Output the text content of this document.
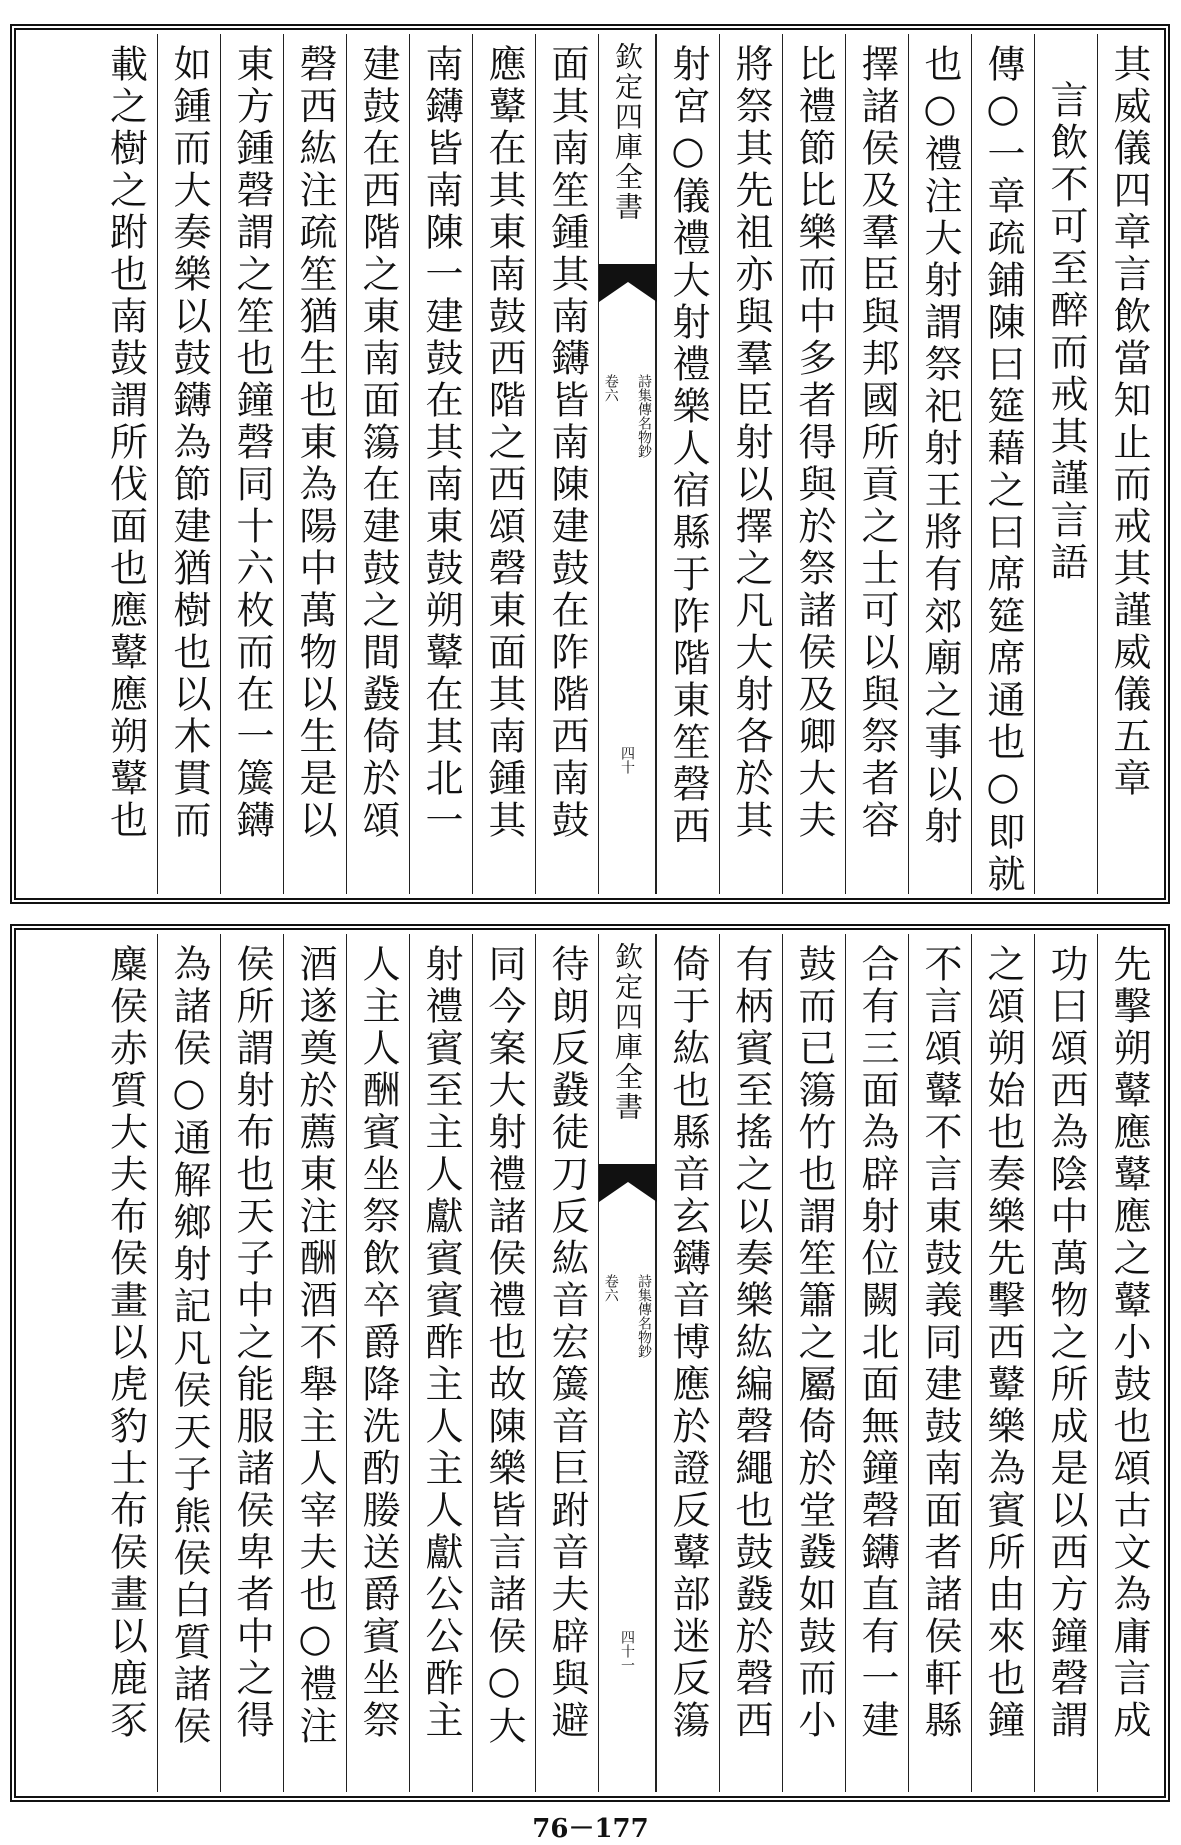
其威儀四章言飲當知止而戒其謹威儀五章
言飲不可至醉而戒其謹言語
傳○一章疏鋪陳曰筵藉之曰席筵席通也○即就
也○禮注大射謂祭祀射王將有郊廟之事以射
擇諸侯及羣臣與邦國所貢之士可以與祭者容
比禮節比樂而中多者得與於祭諸侯及卿大夫
將祭其先祖亦與羣臣射以擇之凡大射各於其
射宮○儀禮大射禮樂人宿縣于阼階東笙磬西
欽定四庫全書
詩集傳名物鈔
卷六
四十
面其南笙鍾其南鑮皆南陳建鼓在阼階西南鼓
應鼙在其東南鼓西階之西頌磬東面其南鍾其
南鑮皆南陳一建鼓在其南東鼓朔鼙在其北一
建鼓在西階之東南面簜在建鼓之間鼗倚於頌
磬西紘注疏笙猶生也東為陽中萬物以生是以
東方鍾磬謂之笙也鐘磬同十六枚而在一簴鑮
如鍾而大奏樂以鼓鑮為節建猶樹也以木貫而
載之樹之跗也南鼓謂所伐面也應鼙應朔鼙也
先擊朔鼙應鼙應之鼙小鼓也頌古文為庸言成
功曰頌西為陰中萬物之所成是以西方鐘磬謂
之頌朔始也奏樂先擊西鼙樂為賓所由來也鐘
不言頌鼙不言東鼓義同建鼓南面者諸侯軒縣
合有三面為辟射位闕北面無鐘磬鑮直有一建
鼓而已簜竹也謂笙簫之屬倚於堂鼗如鼓而小
有柄賓至搖之以奏樂紘編磬繩也鼓鼗於磬西
倚于紘也縣音玄鑮音博應於證反鼙部迷反簜
欽定四庫全書
詩集傳名物鈔
卷六
四十一
待朗反鼗徒刀反紘音宏簴音巨跗音夫辟與避
同今案大射禮諸侯禮也故陳樂皆言諸侯○大
射禮賓至主人獻賓賓酢主人主人獻公公酢主
人主人酬賓坐祭飲卒爵降洗酌媵送爵賓坐祭
酒遂奠於薦東注酬酒不舉主人宰夫也○禮注
侯所謂射布也天子中之能服諸侯卑者中之得
為諸侯○通解鄉射記凡侯天子熊侯白質諸侯
麋侯赤質大夫布侯畫以虎豹士布侯畫以鹿豕
76－177
